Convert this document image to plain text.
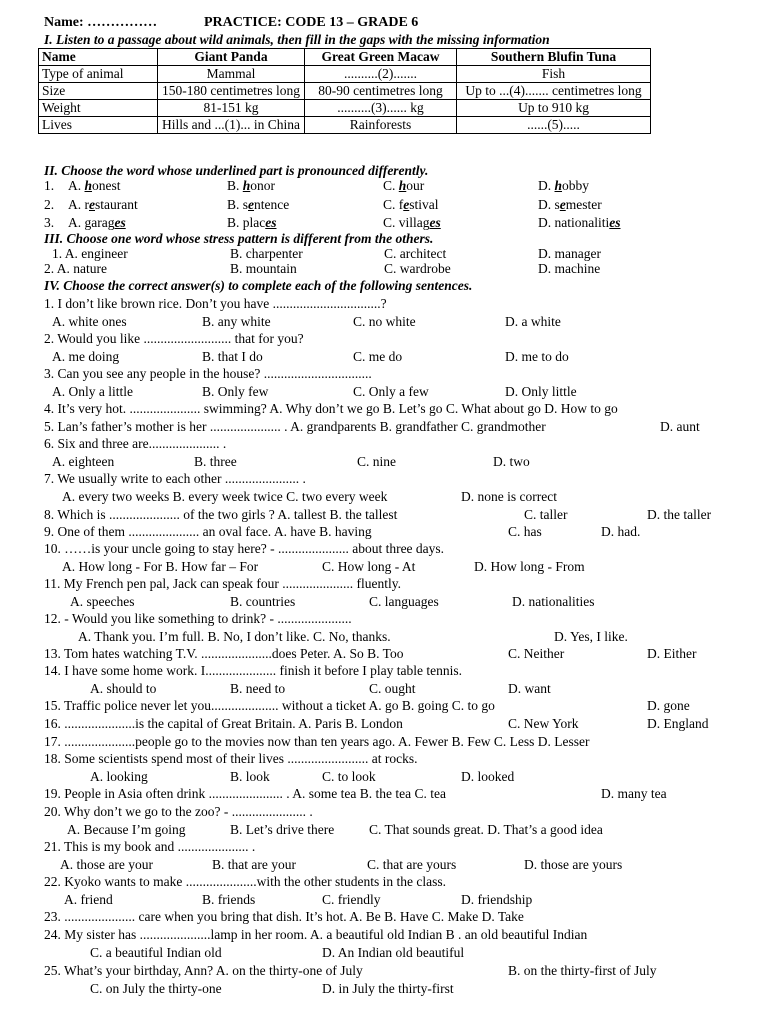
Name: ……………	PRACTICE: CODE 13 – GRADE 6
I. Listen to a passage about wild animals, then fill in the gaps with the missing information
Name	Giant Panda	Great Green Macaw	Southern Blufin Tuna
Type of animal	Mammal	..........(2).......	Fish
Size	150-180 centimetres long	80-90 centimetres long	Up to ...(4)....... centimetres long
Weight	81-151 kg	..........(3)...... kg	Up to 910 kg
Lives	Hills and ...(1)... in China	Rainforests	......(5).....
II. Choose the word whose underlined part is pronounced differently.
1. A. honest	B. honor	C. hour	D. hobby
2. A. restaurant	B. sentence	C. festival	D. semester
3. A. garages	B. places	C. villages	D. nationalities
III. Choose one word whose stress pattern is different from the others.
1. A. engineer	B. charpenter	C. architect	D. manager
2. A. nature	B. mountain	C. wardrobe	D. machine
IV. Choose the correct answer(s) to complete each of the following sentences.
1. I don’t like brown rice. Don’t you have ................................?
A. white ones	B. any white	C. no white	D. a white
2. Would you like .......................... that for you?
A. me doing	B. that I do	C. me do	D. me to do
3. Can you see any people in the house? ................................
A. Only a little	B. Only few	C. Only a few	D. Only little
4. It’s very hot. ..................... swimming? A. Why don’t we go B. Let’s go C. What about go D. How to go
5. Lan’s father’s mother is her ..................... . A. grandparents B. grandfather C. grandmother	D. aunt
6. Six and three are..................... .
A. eighteen	B. three	C. nine	D. two
7. We usually write to each other ...................... .
A. every two weeks B. every week twice C. two every week	D. none is correct
8. Which is ..................... of the two girls ? A. tallest B. the tallest	C. taller	D. the taller
9. One of them ..................... an oval face. A. have B. having	C. has	D. had.
10. ……is your uncle going to stay here? - ..................... about three days.
A. How long - For B. How far – For	C. How long - At	D. How long - From
11. My French pen pal, Jack can speak four ..................... fluently.
A. speeches	B. countries	C. languages	D. nationalities
12. - Would you like something to drink? - ......................
A. Thank you. I’m full. B. No, I don’t like. C. No, thanks.	D. Yes, I like.
13. Tom hates watching T.V. .....................does Peter. A. So B. Too	C. Neither	D. Either
14. I have some home work. I..................... finish it before I play table tennis.
A. should to	B. need to	C. ought	D. want
15. Traffic police never let you.................... without a ticket A. go B. going C. to go	D. gone
16. .....................is the capital of Great Britain. A. Paris B. London	C. New York	D. England
17. .....................people go to the movies now than ten years ago. A. Fewer B. Few C. Less D. Lesser
18. Some scientists spend most of their lives ........................ at rocks.
A. looking	B. look	C. to look	D. looked
19. People in Asia often drink ...................... . A. some tea B. the tea C. tea	D. many tea
20. Why don’t we go to the zoo? - ...................... .
A. Because I’m going	B. Let’s drive there	C. That sounds great. D. That’s a good idea
21. This is my book and ..................... .
A. those are your	B. that are your	C. that are yours	D. those are yours
22. Kyoko wants to make .....................with the other students in the class.
A. friend	B. friends	C. friendly	D. friendship
23. ..................... care when you bring that dish. It’s hot. A. Be B. Have C. Make D. Take
24. My sister has .....................lamp in her room. A. a beautiful old Indian B . an old beautiful Indian
C. a beautiful Indian old	D. An Indian old beautiful
25. What’s your birthday, Ann? A. on the thirty-one of July	B. on the thirty-first of July
C. on July the thirty-one	D. in July the thirty-first
